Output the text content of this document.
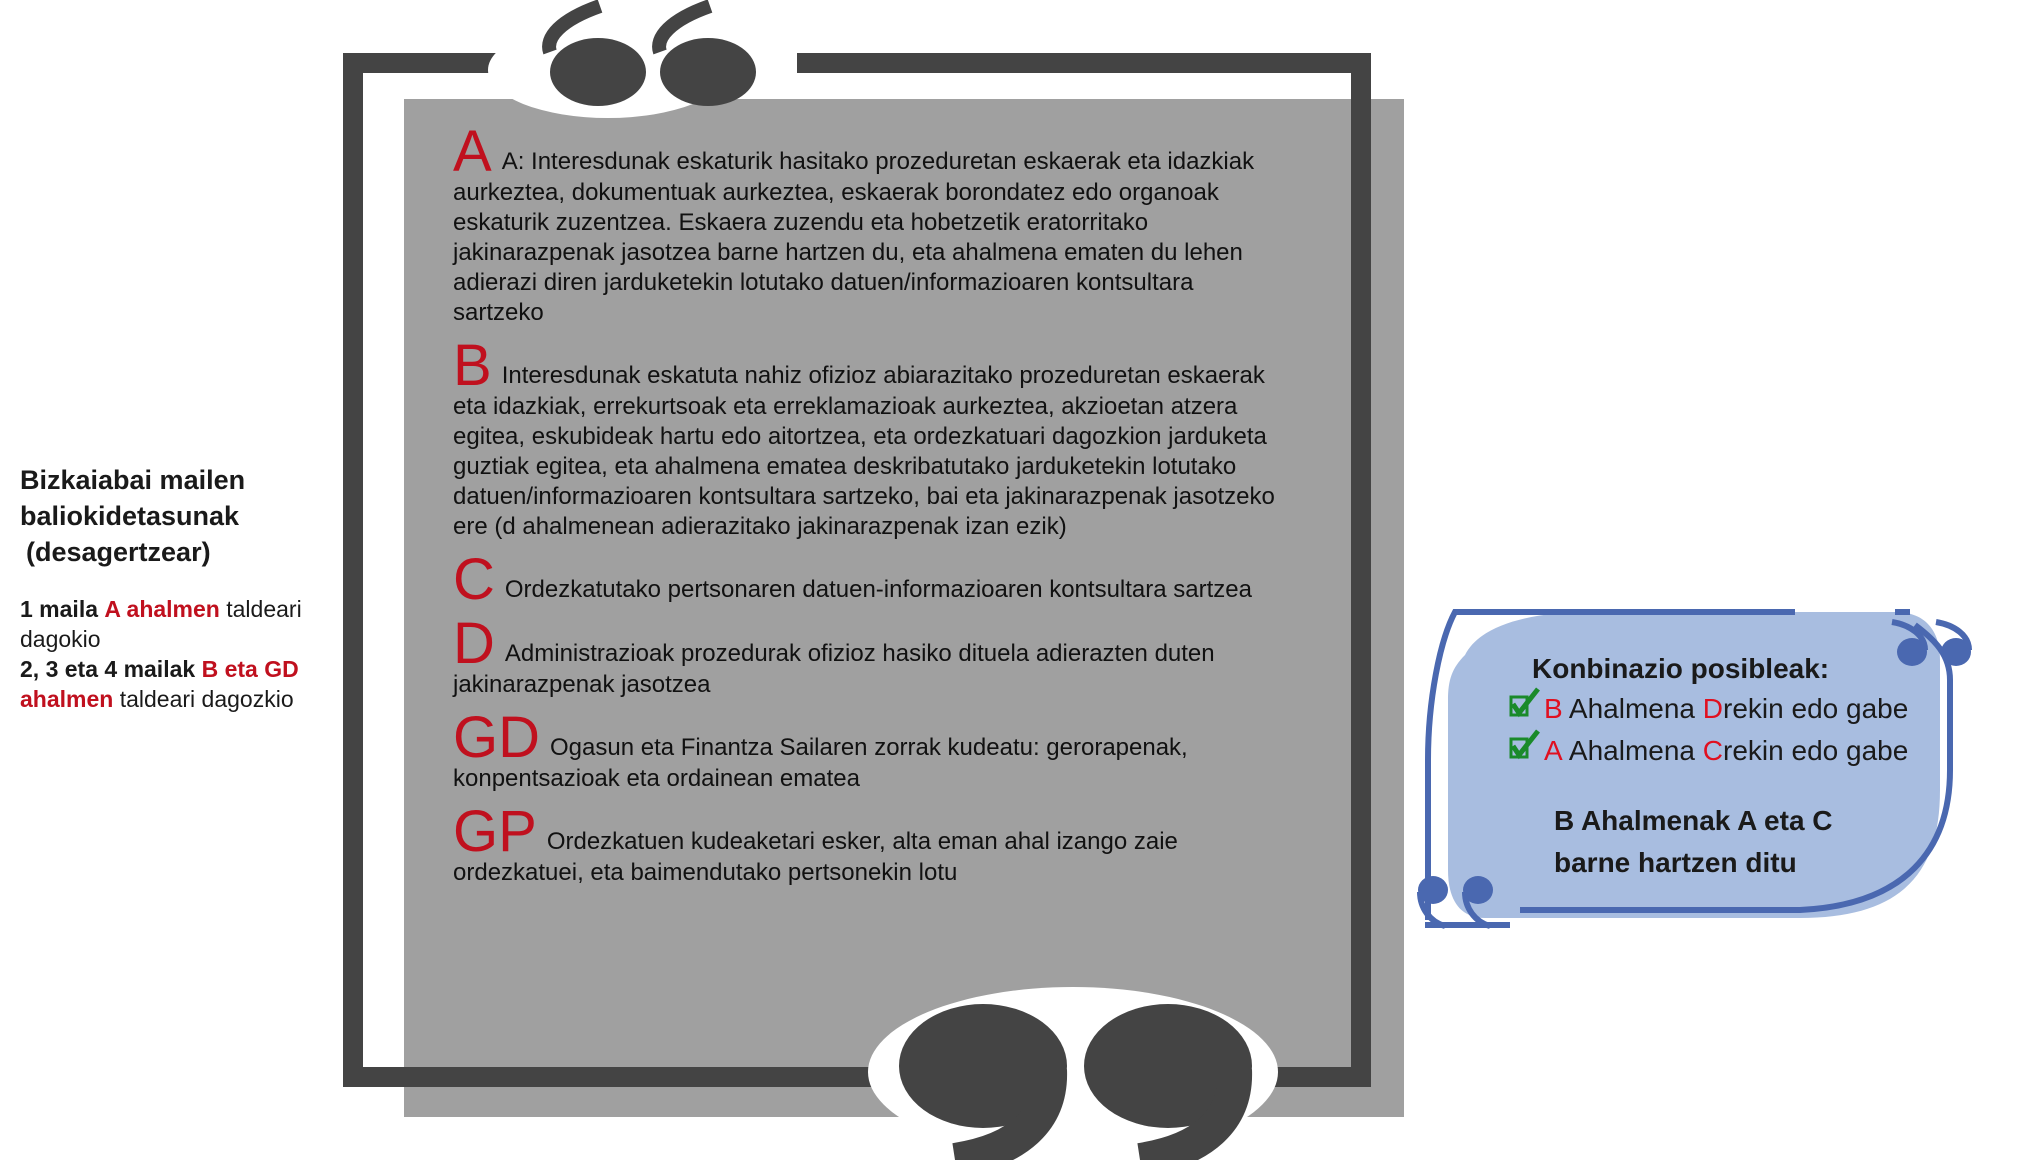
Bizkaiabai mailen
baliokidetasunak
(desagertzear)
1 maila A ahalmen taldeari
dagokio
2, 3 eta 4 mailak B eta GD
ahalmen taldeari dagozkio
A A: Interesdunak eskaturik hasitako prozeduretan eskaerak eta idazkiak

aurkeztea, dokumentuak aurkeztea, eskaerak borondatez edo organoak

eskaturik zuzentzea. Eskaera zuzendu eta hobetzetik eratorritako

jakinarazpenak jasotzea barne hartzen du, eta ahalmena ematen du lehen

adierazi diren jarduketekin lotutako datuen/informazioaren kontsultara

sartzeko

B Interesdunak eskatuta nahiz ofizioz abiarazitako prozeduretan eskaerak

eta idazkiak, errekurtsoak eta erreklamazioak aurkeztea, akzioetan atzera

egitea, eskubideak hartu edo aitortzea, eta ordezkatuari dagozkion jarduketa

guztiak egitea, eta ahalmena ematea deskribatutako jarduketekin lotutako

datuen/informazioaren kontsultara sartzeko, bai eta jakinarazpenak jasotzeko

ere (d ahalmenean adierazitako jakinarazpenak izan ezik)

C Ordezkatutako pertsonaren datuen-informazioaren kontsultara sartzea
D Administrazioak prozedurak ofizioz hasiko dituela adierazten duten

jakinarazpenak jasotzea

GD Ogasun eta Finantza Sailaren zorrak kudeatu: gerorapenak,

konpentsazioak eta ordainean ematea

GP Ordezkatuen kudeaketari esker, alta eman ahal izango zaie

ordezkatuei, eta baimendutako pertsonekin lotu

Konbinazio posibleak:
B Ahalmena D rekin edo gabe
A Ahalmena C rekin edo gabe
B Ahalmenak A eta C
barne hartzen ditu
